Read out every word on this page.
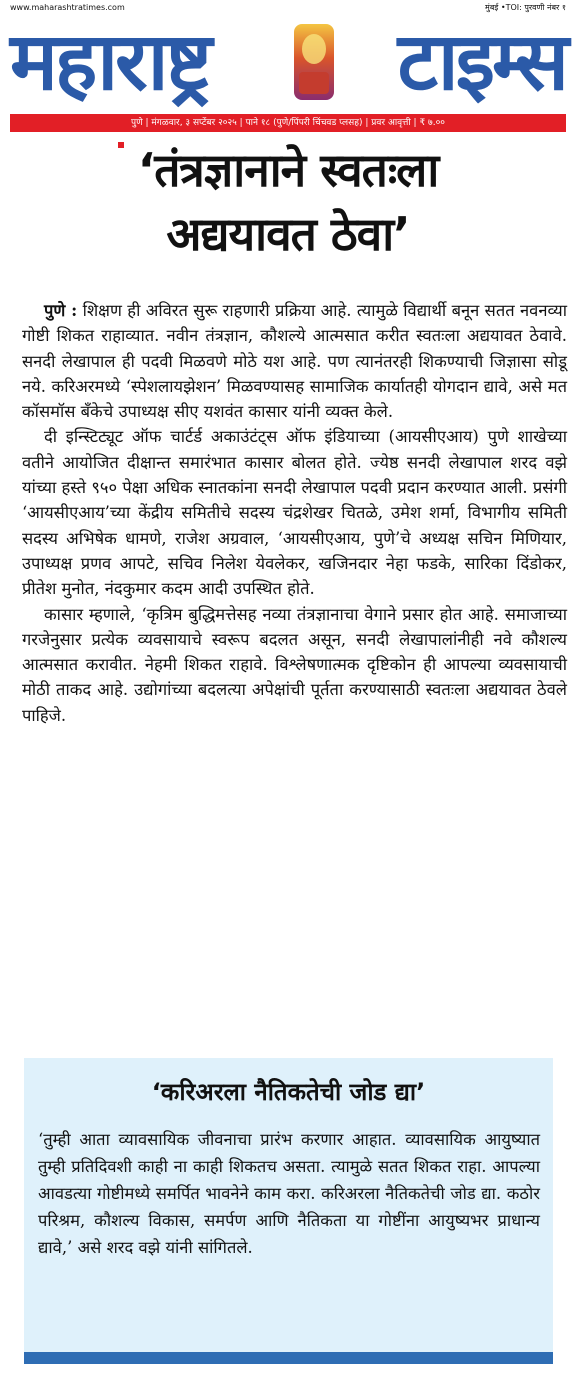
www.maharashtratimes.com	मुंबई •TOI: पुरवणी नंबर १
महाराष्ट्र टाइम्स
पुणे | मंगळवार, ३ सप्टेंबर २०२५ | पाने १८ (पुणे/पिंपरी चिंचवड प्लसह) | प्रवर आवृत्ती | ₹ ७.००
‘तंत्रज्ञानाने स्वतःला
अद्ययावत ठेवा’

पुणे : शिक्षण ही अविरत सुरू राहणारी प्रक्रिया आहे. त्यामुळे विद्यार्थी बनून सतत नवनव्या गोष्टी शिकत राहाव्यात. नवीन तंत्रज्ञान, कौशल्ये आत्मसात करीत स्वतःला अद्ययावत ठेवावे. सनदी लेखापाल ही पदवी मिळवणे मोठे यश आहे. पण त्यानंतरही शिकण्याची जिज्ञासा सोडू नये. करिअरमध्ये ‘स्पेशलायझेशन’ मिळवण्यासह सामाजिक कार्यातही योगदान द्यावे, असे मत कॉसमॉस बँकेचे उपाध्यक्ष सीए यशवंत कासार यांनी व्यक्त केले.

दी इन्स्टिट्यूट ऑफ चार्टर्ड अकाउंटंट्स ऑफ इंडियाच्या (आयसीएआय) पुणे शाखेच्या वतीने आयोजित दीक्षान्त समारंभात कासार बोलत होते. ज्येष्ठ सनदी लेखापाल शरद वझे यांच्या हस्ते ९५० पेक्षा अधिक स्नातकांना सनदी लेखापाल पदवी प्रदान करण्यात आली. प्रसंगी ‘आयसीएआय’च्या केंद्रीय समितीचे सदस्य चंद्रशेखर चितळे, उमेश शर्मा, विभागीय समिती सदस्य अभिषेक धामणे, राजेश अग्रवाल, ‘आयसीएआय, पुणे’चे अध्यक्ष सचिन मिणियार, उपाध्यक्ष प्रणव आपटे, सचिव निलेश येवलेकर, खजिनदार नेहा फडके, सारिका दिंडोकर, प्रीतेश मुनोत, नंदकुमार कदम आदी उपस्थित होते.

कासार म्हणाले, ‘कृत्रिम बुद्धिमत्तेसह नव्या तंत्रज्ञानाचा वेगाने प्रसार होत आहे. समाजाच्या गरजेनुसार प्रत्येक व्यवसायाचे स्वरूप बदलत असून, सनदी लेखापालांनीही नवे कौशल्य आत्मसात करावीत. नेहमी शिकत राहावे. विश्लेषणात्मक दृष्टिकोन ही आपल्या व्यवसायाची मोठी ताकद आहे. उद्योगांच्या बदलत्या अपेक्षांची पूर्तता करण्यासाठी स्वतःला अद्ययावत ठेवले पाहिजे.

‘करिअरला नैतिकतेची जोड द्या’

‘तुम्ही आता व्यावसायिक जीवनाचा प्रारंभ करणार आहात. व्यावसायिक आयुष्यात तुम्ही प्रतिदिवशी काही ना काही शिकतच असता. त्यामुळे सतत शिकत राहा. आपल्या आवडत्या गोष्टीमध्ये समर्पित भावनेने काम करा. करिअरला नैतिकतेची जोड द्या. कठोर परिश्रम, कौशल्य विकास, समर्पण आणि नैतिकता या गोष्टींना आयुष्यभर प्राधान्य द्यावे,’ असे शरद वझे यांनी सांगितले.
